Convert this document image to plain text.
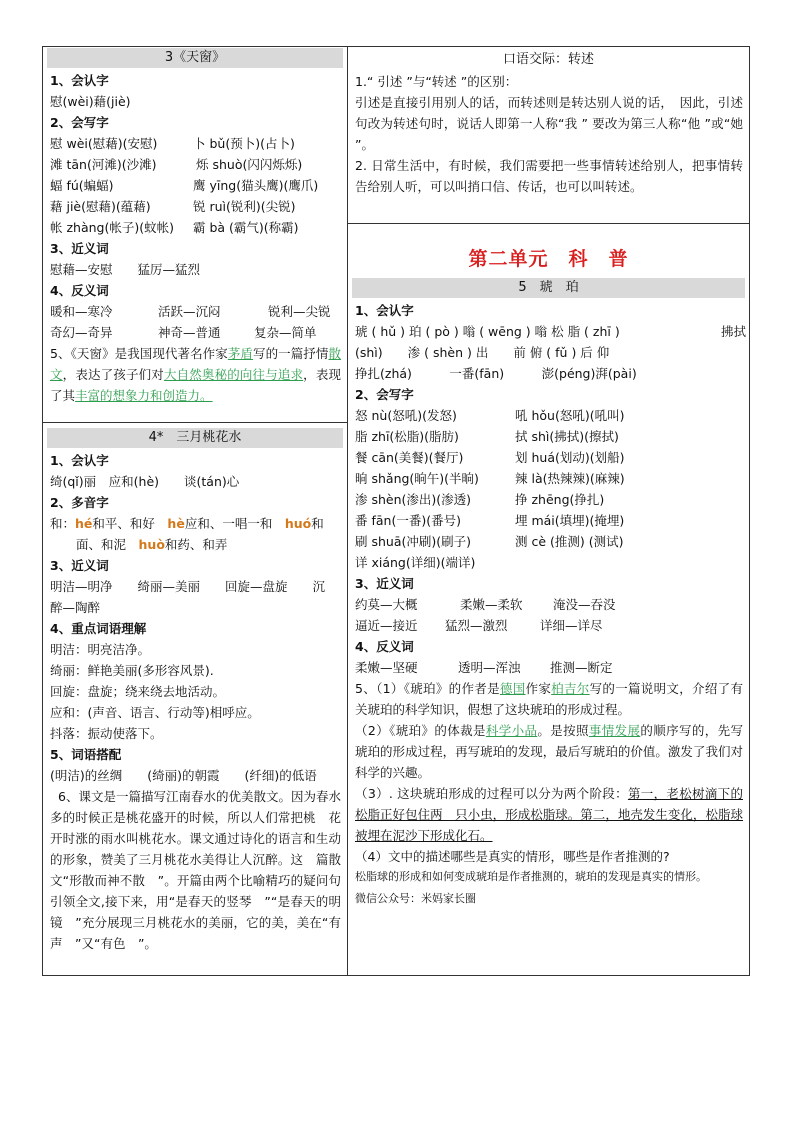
3《天窗》
1、会认字
慰(wèi)藉(jiè)
2、会写字
慰 wèi(慰藉)(安慰)	卜 bǔ(预卜)(占卜)
滩 tān(河滩)(沙滩)	烁 shuò(闪闪烁烁)
蝠 fú(蝙蝠)	鹰 yīng(猫头鹰)(鹰爪)
藉 jiè(慰藉)(蕴藉)	锐 ruì(锐利)(尖锐)
帐 zhàng(帐子)(蚊帐) 霸 bà (霸气)(称霸)
3、近义词
慰藉—安慰　　猛厉—猛烈
4、反义词
暖和—寒冷	活跃—沉闷	锐利—尖锐
奇幻—奇异	神奇—普通	复杂—简单
5、《天窗》是我国现代著名作家茅盾写的一篇抒情散文，表达了孩子们对大自然奥秘的向往与追求，表现了其丰富的想象力和创造力。
4*　三月桃花水
1、会认字
绮(qǐ)丽　应和(hè)　　谈(tán)心
2、多音字
和：hé和平、和好　hè应和、一唱一和　huó和
面、和泥　huò和药、和弄
3、近义词
明洁—明净　　绮丽—美丽　　回旋—盘旋　　沉
醉—陶醉
4、重点词语理解
明洁：明亮洁净。
绮丽：鲜艳美丽(多形容风景).
回旋：盘旋；绕来绕去地活动。
应和：(声音、语言、行动等)相呼应。
抖落：振动使落下。
5、词语搭配
(明洁)的丝绸　　(绮丽)的朝霞　　(纤细)的低语
6、课文是一篇描写江南春水的优美散文。因为春水多的时候正是桃花盛开的时候，所以人们常把桃　花开时涨的雨水叫桃花水。课文通过诗化的语言和生动的形象，赞美了三月桃花水美得让人沉醉。这　篇散文“形散而神不散　”。开篇由两个比喻精巧的疑问句引领全文,接下来，用“是春天的竖琴　”“是春天的明镜　”充分展现三月桃花水的美丽，它的美，美在“有声　”又“有色　”。
口语交际：转述
1.“ 引述 ”与“转述 ”的区别：
引述是直接引用别人的话，而转述则是转达别人说的话，　因此，引述句改为转述句时，说话人即第一人称“我 ” 要改为第三人称“他 ”或“她 ”。
2. 日常生活中，有时候，我们需要把一些事情转述给别人，把事情转告给别人听，可以叫捎口信、传话，也可以叫转述。
第二单元　科　普
5　琥　珀
1、会认字
琥 ( hǔ ) 珀 ( pò ) 嗡 ( wēng ) 嗡 松 脂 ( zhī )	拂拭
(shì)　　渗 ( shèn ) 出　　前 俯 ( fǔ ) 后 仰
挣扎(zhá)　　　一番(fān)　　　澎(péng)湃(pài)
2、会写字
怒 nù(怒吼)(发怒)	吼 hǒu(怒吼)(吼叫)
脂 zhī(松脂)(脂肪)	拭 shì(拂拭)(擦拭)
餐 cān(美餐)(餐厅)	划 huá(划动)(划船)
晌 shǎng(晌午)(半晌)	辣 là(热辣辣)(麻辣)
渗 shèn(渗出)(渗透)	挣 zhēng(挣扎)
番 fān(一番)(番号)	埋 mái(填埋)(掩埋)
刷 shuā(冲刷)(刷子)	测 cè (推测) (测试)
详 xiáng(详细)(端详)
3、近义词
约莫—大概	柔嫩—柔软 淹没—吞没
逼近—接近 猛烈—激烈	详细—详尽
4、反义词
柔嫩—坚硬	透明—浑浊 推测—断定
5、（1）《琥珀》的作者是德国作家柏吉尔写的一篇说明文，介绍了有关琥珀的科学知识，假想了这块琥珀的形成过程。
（2）《琥珀》的体裁是科学小品。是按照事情发展的顺序写的，先写琥珀的形成过程，再写琥珀的发现，最后写琥珀的价值。激发了我们对科学的兴趣。
（3）. 这块琥珀形成的过程可以分为两个阶段：第一，老松树滴下的松脂正好包住两　只小虫，形成松脂球。第二，地壳发生变化，松脂球被埋在泥沙下形成化石。
（4）文中的描述哪些是真实的情形，哪些是作者推测的?
松脂球的形成和如何变成琥珀是作者推测的，琥珀的发现是真实的情形。
微信公众号：米妈家长圈
